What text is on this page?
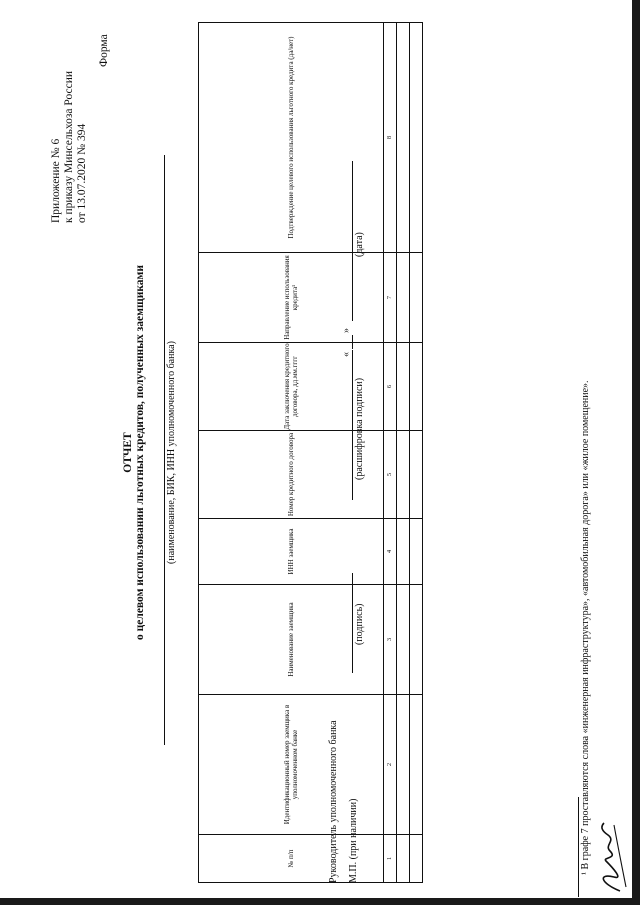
Приложение № 6 к приказу Минсельхоза России от 13.07.2020 № 394
Форма
ОТЧЕТ о целевом использовании льготных кредитов, полученных заемщиками (наименование, БИК, ИНН уполномоченного банка)
№ п/п	Идентификационный номер заемщика в уполномоченном банке	Наименование заемщика	ИНН заемщика	Номер кредитного договора	Дата заключения кредитного договора, дд.мм.гггг	Направление использования кредита¹	Подтверждение целевого использования льготного кредита (да/нет)
1	2	3	4	5	6	7	8

Руководитель уполномоченного банка
(подпись)
(расшифровка подписи)
«
»
(дата)
М.П. (при наличии)	¹ В графе 7 проставляются слова «инженерная инфраструктура», «автомобильная дорога» или «жилое помещение».
